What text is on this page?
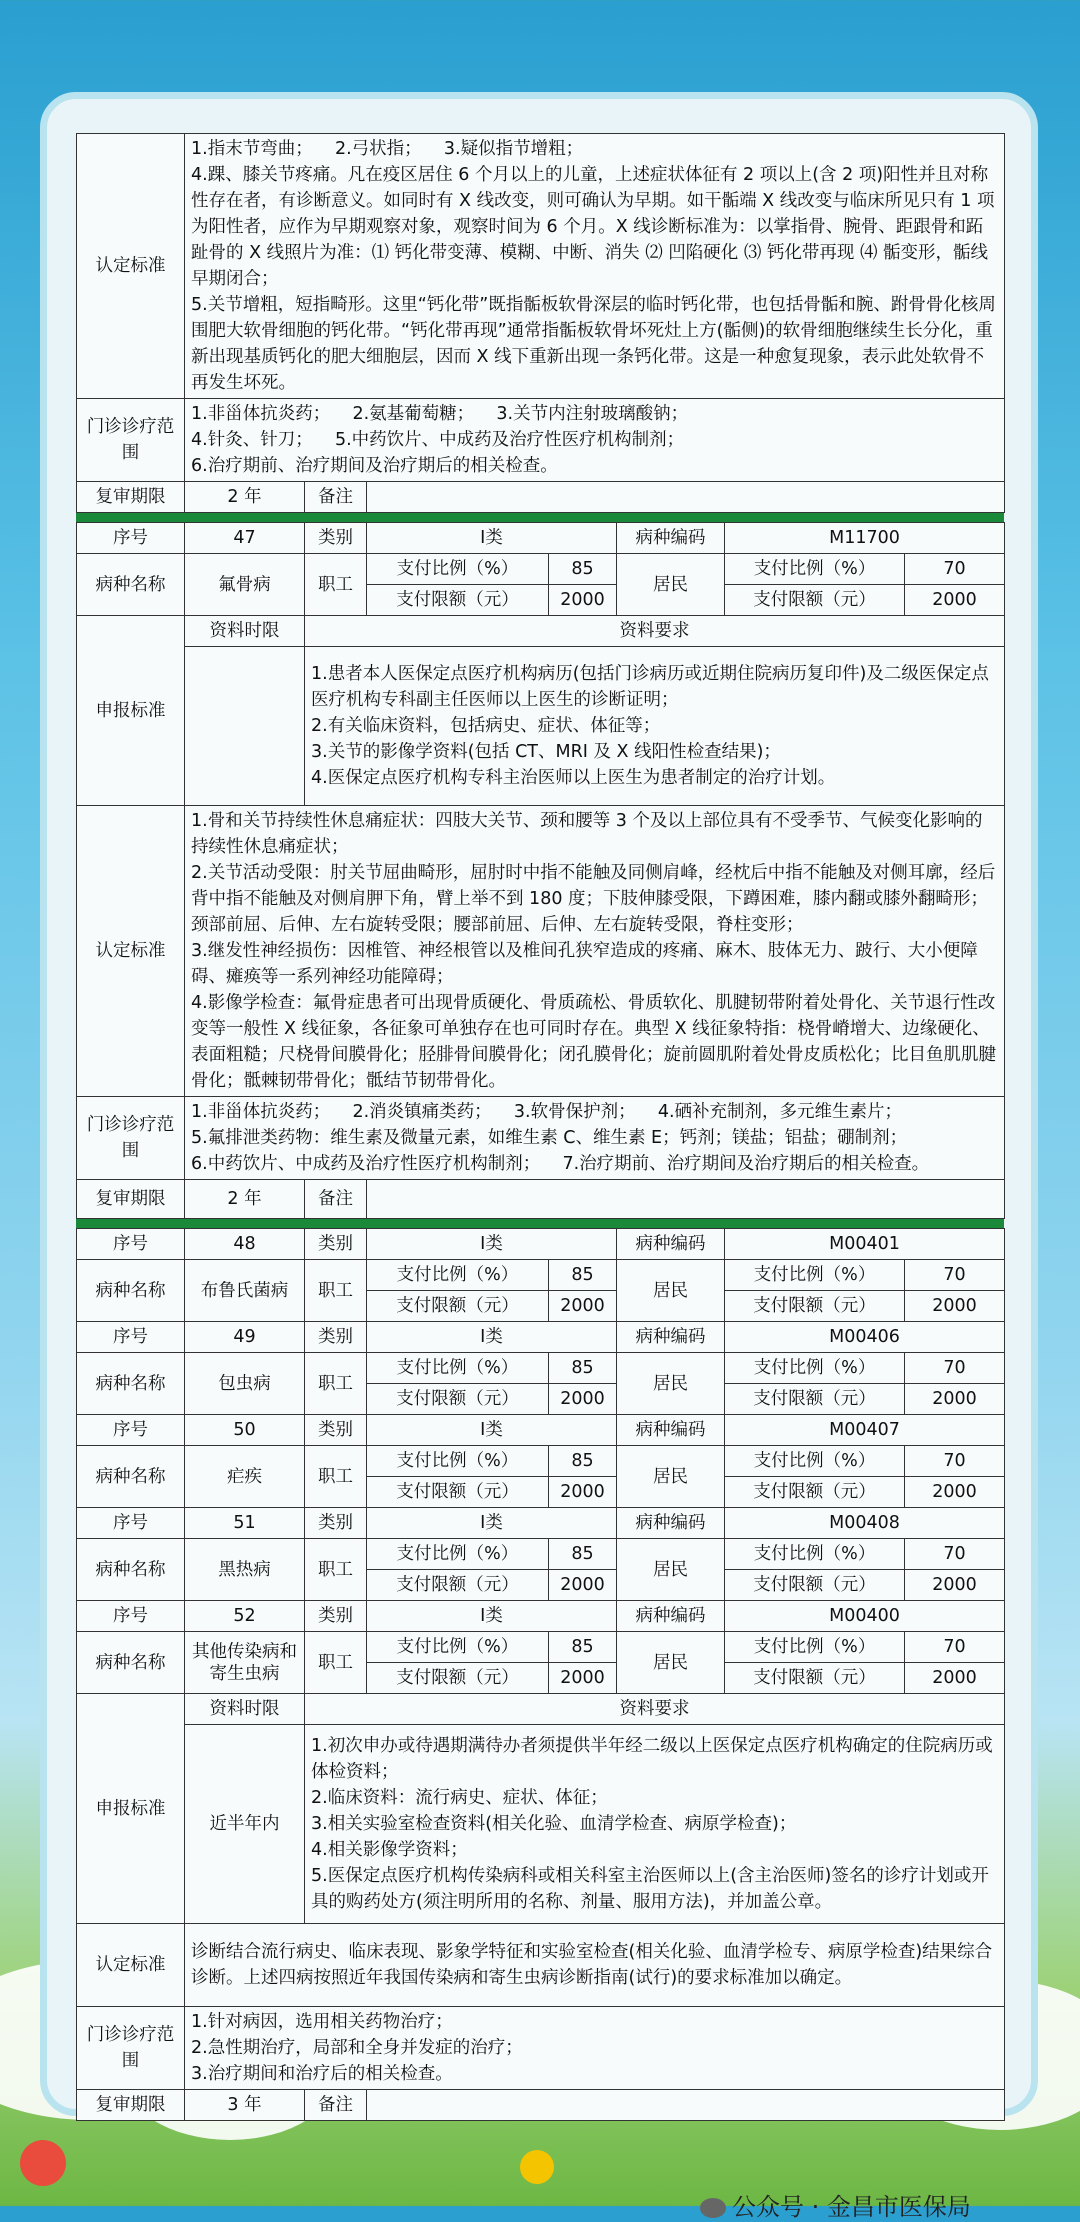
认定标准	1.指末节弯曲；    2.弓状指；    3.疑似指节增粗；
4.踝、膝关节疼痛。凡在疫区居住 6 个月以上的儿童，上述症状体征有 2 项以上(含 2 项)阳性并且对称性存在者，有诊断意义。如同时有 X 线改变，则可确认为早期。如干骺端 X 线改变与临床所见只有 1 项为阳性者，应作为早期观察对象，观察时间为 6 个月。X 线诊断标准为：以掌指骨、腕骨、距跟骨和跖趾骨的 X 线照片为准：⑴ 钙化带变薄、模糊、中断、消失 ⑵ 凹陷硬化 ⑶ 钙化带再现 ⑷ 骺变形，骺线早期闭合；
5.关节增粗，短指畸形。这里“钙化带”既指骺板软骨深层的临时钙化带，也包括骨骺和腕、跗骨骨化核周围肥大软骨细胞的钙化带。“钙化带再现”通常指骺板软骨坏死灶上方(骺侧)的软骨细胞继续生长分化，重新出现基质钙化的肥大细胞层，因而 X 线下重新出现一条钙化带。这是一种愈复现象，表示此处软骨不再发生坏死。		

门诊诊疗范围	1.非甾体抗炎药；    2.氨基葡萄糖；    3.关节内注射玻璃酸钠；
4.针灸、针刀；    5.中药饮片、中成药及治疗性医疗机构制剂；
6.治疗期前、治疗期间及治疗期后的相关检查。		

复审期限	2 年	备注	
序号	47	类别	Ⅰ类		病种编码	M11700	
病种名称	氟骨病	职工	支付比例（%）	85	居民	支付比例（%）	70
			支付限额（元）	2000		支付限额（元）	2000
申报标准	资料时限	资料要求					

		1.患者本人医保定点医疗机构病历(包括门诊病历或近期住院病历复印件)及二级医保定点医疗机构专科副主任医师以上医生的诊断证明；
2.有关临床资料，包括病史、症状、体征等；
3.关节的影像学资料(包括 CT、MRI 及 X 线阳性检查结果)；
4.医保定点医疗机构专科主治医师以上医生为患者制定的治疗计划。					

认定标准	1.骨和关节持续性休息痛症状：四肢大关节、颈和腰等 3 个及以上部位具有不受季节、气候变化影响的持续性休息痛症状；
2.关节活动受限：肘关节屈曲畸形，屈肘时中指不能触及同侧肩峰，经枕后中指不能触及对侧耳廓，经后背中指不能触及对侧肩胛下角，臂上举不到 180 度；下肢伸膝受限，下蹲困难，膝内翻或膝外翻畸形；颈部前屈、后伸、左右旋转受限；腰部前屈、后伸、左右旋转受限，脊柱变形；
3.继发性神经损伤：因椎管、神经根管以及椎间孔狭窄造成的疼痛、麻木、肢体无力、跛行、大小便障碍、瘫痪等一系列神经功能障碍；
4.影像学检查：氟骨症患者可出现骨质硬化、骨质疏松、骨质软化、肌腱韧带附着处骨化、关节退行性改变等一般性 X 线征象，各征象可单独存在也可同时存在。典型 X 线征象特指：桡骨嵴增大、边缘硬化、表面粗糙；尺桡骨间膜骨化；胫腓骨间膜骨化；闭孔膜骨化；旋前圆肌附着处骨皮质松化；比目鱼肌肌腱骨化；骶棘韧带骨化；骶结节韧带骨化。						

门诊诊疗范围	1.非甾体抗炎药；    2.消炎镇痛类药；    3.软骨保护剂；    4.硒补充制剂，多元维生素片；
5.氟排泄类药物：维生素及微量元素，如维生素 C、维生素 E；钙剂；镁盐；铝盐；硼制剂；
6.中药饮片、中成药及治疗性医疗机构制剂；    7.治疗期前、治疗期间及治疗期后的相关检查。						

复审期限	2 年	备注					
序号	48	类别	Ⅰ类		病种编码	M00401	
病种名称	布鲁氏菌病	职工	支付比例（%）	85	居民	支付比例（%）	70
			支付限额（元）	2000		支付限额（元）	2000
序号	49	类别	Ⅰ类		病种编码	M00406	
病种名称	包虫病	职工	支付比例（%）	85	居民	支付比例（%）	70
			支付限额（元）	2000		支付限额（元）	2000
序号	50	类别	Ⅰ类		病种编码	M00407	
病种名称	疟疾	职工	支付比例（%）	85	居民	支付比例（%）	70
			支付限额（元）	2000		支付限额（元）	2000
序号	51	类别	Ⅰ类		病种编码	M00408	
病种名称	黑热病	职工	支付比例（%）	85	居民	支付比例（%）	70
			支付限额（元）	2000		支付限额（元）	2000
序号	52	类别	Ⅰ类		病种编码	M00400	
病种名称	其他传染病和寄生虫病	职工	支付比例（%）	85	居民	支付比例（%）	70
			支付限额（元）	2000		支付限额（元）	2000
申报标准	资料时限	资料要求					
	近半年内	1.初次申办或待遇期满待办者须提供半年经二级以上医保定点医疗机构确定的住院病历或体检资料；
2.临床资料：流行病史、症状、体征；
3.相关实验室检查资料(相关化验、血清学检查、病原学检查)；
4.相关影像学资料；
5.医保定点医疗机构传染病科或相关科室主治医师以上(含主治医师)签名的诊疗计划或开具的购药处方(须注明所用的名称、剂量、服用方法)，并加盖公章。					

认定标准	诊断结合流行病史、临床表现、影象学特征和实验室检查(相关化验、血清学检专、病原学检查)结果综合诊断。上述四病按照近年我国传染病和寄生虫病诊断指南(试行)的要求标准加以确定。						
门诊诊疗范围	1.针对病因，选用相关药物治疗；
2.急性期治疗，局部和全身并发症的治疗；
3.治疗期间和治疗后的相关检查。						

复审期限	3 年	备注					
公众号 · 金昌市医保局
